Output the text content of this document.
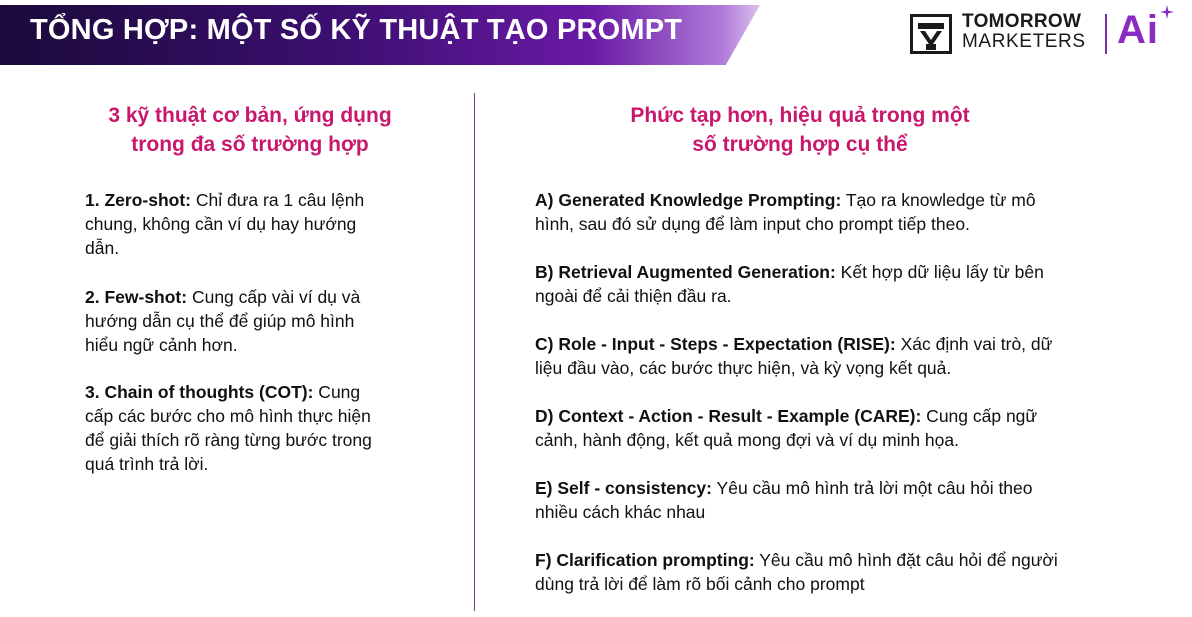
TỔNG HỢP: MỘT SỐ KỸ THUẬT TẠO PROMPT	TOMORROW
MARKETERS Ai
3 kỹ thuật cơ bản, ứng dụng
trong đa số trường hợp
Phức tạp hơn, hiệu quả trong một
số trường hợp cụ thể
1. Zero-shot: Chỉ đưa ra 1 câu lệnh
chung, không cần ví dụ hay hướng
dẫn.
2. Few-shot: Cung cấp vài ví dụ và
hướng dẫn cụ thể để giúp mô hình
hiểu ngữ cảnh hơn.
3. Chain of thoughts (COT): Cung
cấp các bước cho mô hình thực hiện
để giải thích rõ ràng từng bước trong
quá trình trả lời.
A) Generated Knowledge Prompting: Tạo ra knowledge từ mô
hình, sau đó sử dụng để làm input cho prompt tiếp theo.
B) Retrieval Augmented Generation: Kết hợp dữ liệu lấy từ bên
ngoài để cải thiện đầu ra.
C) Role - Input - Steps - Expectation (RISE): Xác định vai trò, dữ
liệu đầu vào, các bước thực hiện, và kỳ vọng kết quả.
D) Context - Action - Result - Example (CARE): Cung cấp ngữ
cảnh, hành động, kết quả mong đợi và ví dụ minh họa.
E) Self - consistency: Yêu cầu mô hình trả lời một câu hỏi theo
nhiều cách khác nhau
F) Clarification prompting: Yêu cầu mô hình đặt câu hỏi để người
dùng trả lời để làm rõ bối cảnh cho prompt
